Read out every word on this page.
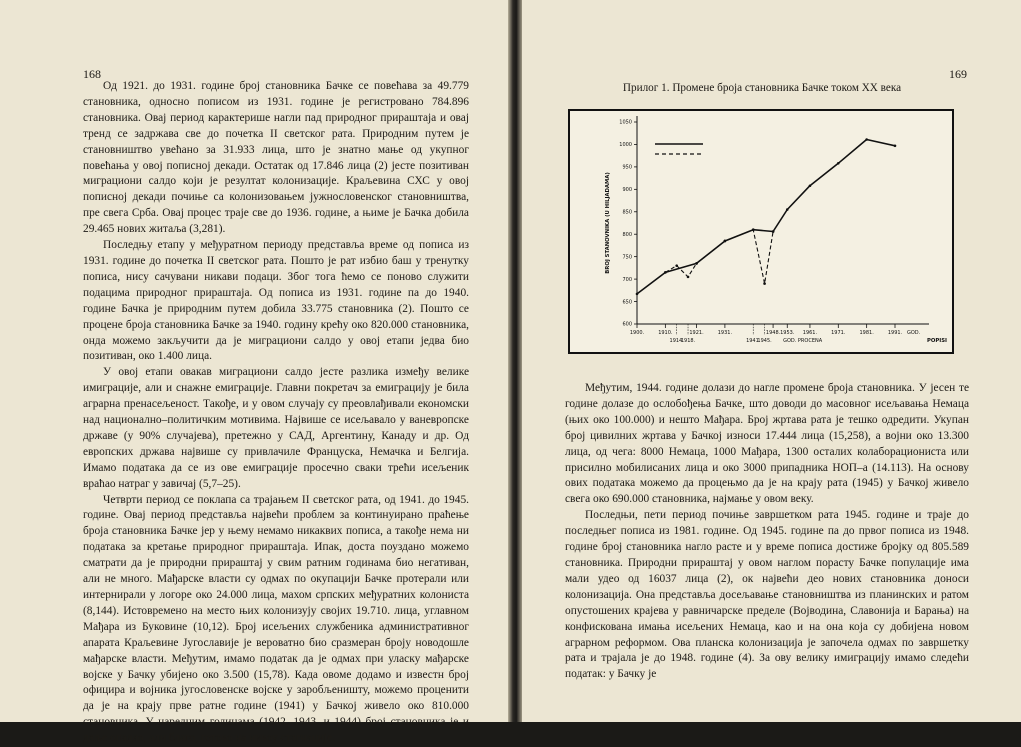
168

Од 1921. до 1931. године број становника Бачке се повећава за 49.779 становника, односно пописом из 1931. године је регистровано 784.896 становника. Овај период карактерише нагли пад природног прираштаја и овај тренд се задржава све до почетка II светског рата. Природним путем је становништво увећано за 31.933 лица, што је знатно мање од укупног повећања у овој пописној декади. Остатак од 17.846 лица (2) јесте позитиван миграциони салдо који је резултат колонизације. Краљевина СХС у овој пописној декади почиње са колонизовањем јужнословенског становништва, пре свега Срба. Овај процес траје све до 1936. године, а њиме је Бачка добила 29.465 нових житаља (3,281).

Последњу етапу у међуратном периоду представља време од пописа из 1931. године до почетка II светског рата. Пошто је рат избио баш у тренутку пописа, нису сачувани никави подаци. Због тога ћемо се поново служити подацима природног прираштаја. Од пописа из 1931. године па до 1940. године Бачка је природним путем добила 33.775 становника (2). Пошто се процене броја становника Бачке за 1940. годину крећу око 820.000 становника, онда можемо закључити да је миграциони салдо у овој етапи једва био позитиван, око 1.400 лица.

У овој етапи овакав миграциони салдо јесте разлика између велике имиграције, али и снажне емиграције. Главни покретач за емиграцију је била аграрна пренасељеност. Такође, и у овом случају су преовлађивали економски над национално–политичким мотивима. Највише се исељавало у ваневропске државе (у 90% случајева), претежно у САД, Аргентину, Канаду и др. Од европских држава највише су привлачиле Француска, Немачка и Белгија. Имамо података да се из ове емиграције просечно сваки трећи исељеник враћао натраг у завичај (5,7–25).

Четврти период се поклапа са трајањем II светског рата, од 1941. до 1945. године. Овај период представља највећи проблем за континуирано праћење броја становника Бачке јер у њему немамо никаквих пописа, а такође нема ни података за кретање природног прираштаја. Ипак, доста поуздано можемо сматрати да је природни прираштај у свим ратним годинама био негативан, али не много. Мађарске власти су одмах по окупацији Бачке протерали или интернирали у логоре око 24.000 лица, махом српских међуратних колониста (8,144). Истовремено на место њих колонизују својих 19.710. лица, углавном Мађара из Буковине (10,12). Број исељених службеника административног апарата Краљевине Југославије је вероватно био сразмеран броју новодошле мађарске власти. Међутим, имамо податак да је одмах при уласку мађарске војске у Бачку убијено око 3.500 (15,78). Када овоме додамо и известн број официра и војника југословенске војске у заробљеништу, можемо проценити да је на крају прве ратне године (1941) у Бачкој живело око 810.000 становника. У наредним годинама (1942, 1943. и 1944) број становника је и даље опадао, али благо, готово на нивоу стагнације.

169
Прилог 1. Промене броја становника Бачке током XX века
600
650
700
750
800
850
900
950
1000
1050
1900.	1910.	1921.	1931.	1948. 1953. 1961.	1971.	1981.	1991.
1914.
1918.	1941.
1945.
GOD.
GOD. PROCENA	POPISI
BROJ STANOVNIKA (U HILJADAMA)

Међутим, 1944. године долази до нагле промене броја становника. У јесен те године долазе до ослобођења Бачке, што доводи до масовног исељавања Немаца (њих око 100.000) и нешто Мађара. Број жртава рата је тешко одредити. Укупан број цивилних жртава у Бачкој износи 17.444 лица (15,258), а војни око 13.300 лица, од чега: 8000 Немаца, 1000 Мађара, 1300 осталих колаборациониста или присилно мобилисаних лица и око 3000 припадника НОП–а (14.113). На основу ових података можемо да процењмо да је на крају рата (1945) у Бачкој живело свега око 690.000 становника, најмање у овом веку.

Последњи, пети период почиње завршетком рата 1945. године и траје до последњег пописа из 1981. године. Од 1945. године па до првог пописа из 1948. године број становника нагло расте и у време пописа достиже бројку од 805.589 становника. Природни прираштај у овом наглом порасту Бачке популације има мали удео од 16037 лица (2), ок највећи део нових становника доноси колонизација. Она представља досељавање становништва из планинских и ратом опустошених крајева у равничарске пределе (Војводина, Славонија и Барања) на конфискована имања исељених Немаца, као и на она која су добијена новом аграрном реформом. Ова планска колонизација је започела одмах по завршетку рата и трајала је до 1948. године (4). За ову велику имиграцију имамо следећи податак: у Бачку је
